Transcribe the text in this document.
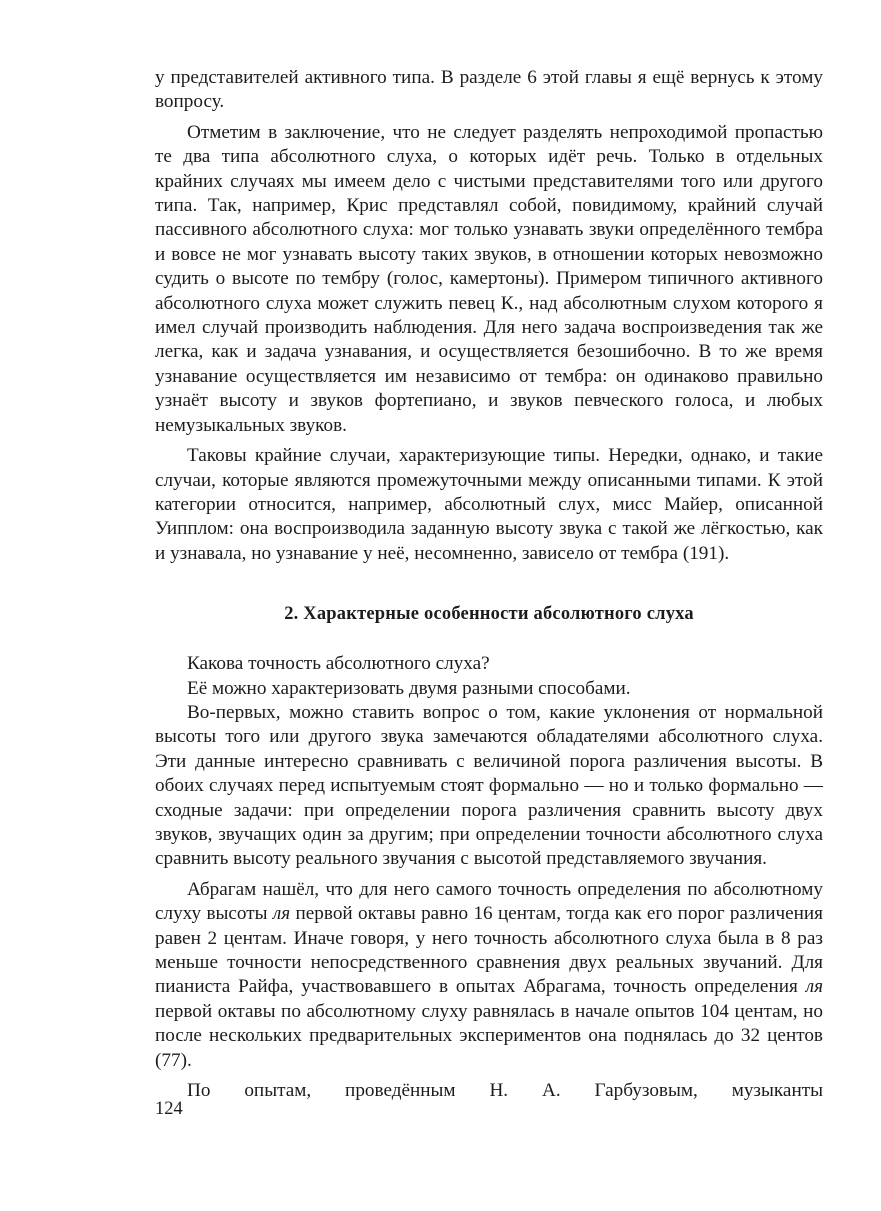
у представителей активного типа. В разделе 6 этой главы я ещё вернусь к этому вопросу.

Отметим в заключение, что не следует разделять непроходимой пропастью те два типа абсолютного слуха, о которых идёт речь. Только в отдельных крайних случаях мы имеем дело с чистыми представителями того или другого типа. Так, например, Крис представлял собой, повидимому, крайний случай пассивного абсолютного слуха: мог только узнавать звуки определённого тембра и вовсе не мог узнавать высоту таких звуков, в отношении которых невозможно судить о высоте по тембру (голос, камертоны). Примером типичного активного абсолютного слуха может служить певец К., над абсолютным слухом которого я имел случай производить наблюдения. Для него задача воспроизведения так же легка, как и задача узнавания, и осуществляется безошибочно. В то же время узнавание осуществляется им независимо от тембра: он одинаково правильно узнаёт высоту и звуков фортепиано, и звуков певческого голоса, и любых немузыкальных звуков.

Таковы крайние случаи, характеризующие типы. Нередки, однако, и такие случаи, которые являются промежуточными между описанными типами. К этой категории относится, например, абсолютный слух, мисс Майер, описанной Уипплом: она воспроизводила заданную высоту звука с такой же лёгкостью, как и узнавала, но узнавание у неё, несомненно, зависело от тембра (191).

2. Характерные особенности абсолютного слуха

Какова точность абсолютного слуха?

Её можно характеризовать двумя разными способами.

Во-первых, можно ставить вопрос о том, какие уклонения от нормальной высоты того или другого звука замечаются обладателями абсолютного слуха. Эти данные интересно сравнивать с величиной порога различения высоты. В обоих случаях перед испытуемым стоят формально — но и только формально — сходные задачи: при определении порога различения сравнить высоту двух звуков, звучащих один за другим; при определении точности абсолютного слуха сравнить высоту реального звучания с высотой представляемого звучания.

Абрагам нашёл, что для него самого точность определения по абсолютному слуху высоты ля первой октавы равно 16 центам, тогда как его порог различения равен 2 центам. Иначе говоря, у него точность абсолютного слуха была в 8 раз меньше точности непосредственного сравнения двух реальных звучаний. Для пианиста Райфа, участвовавшего в опытах Абрагама, точность определения ля первой октавы по абсолютному слуху равнялась в начале опытов 104 центам, но после нескольких предварительных экспериментов она поднялась до 32 центов (77).

По опытам, проведённым Н. А. Гарбузовым, музыканты

124
